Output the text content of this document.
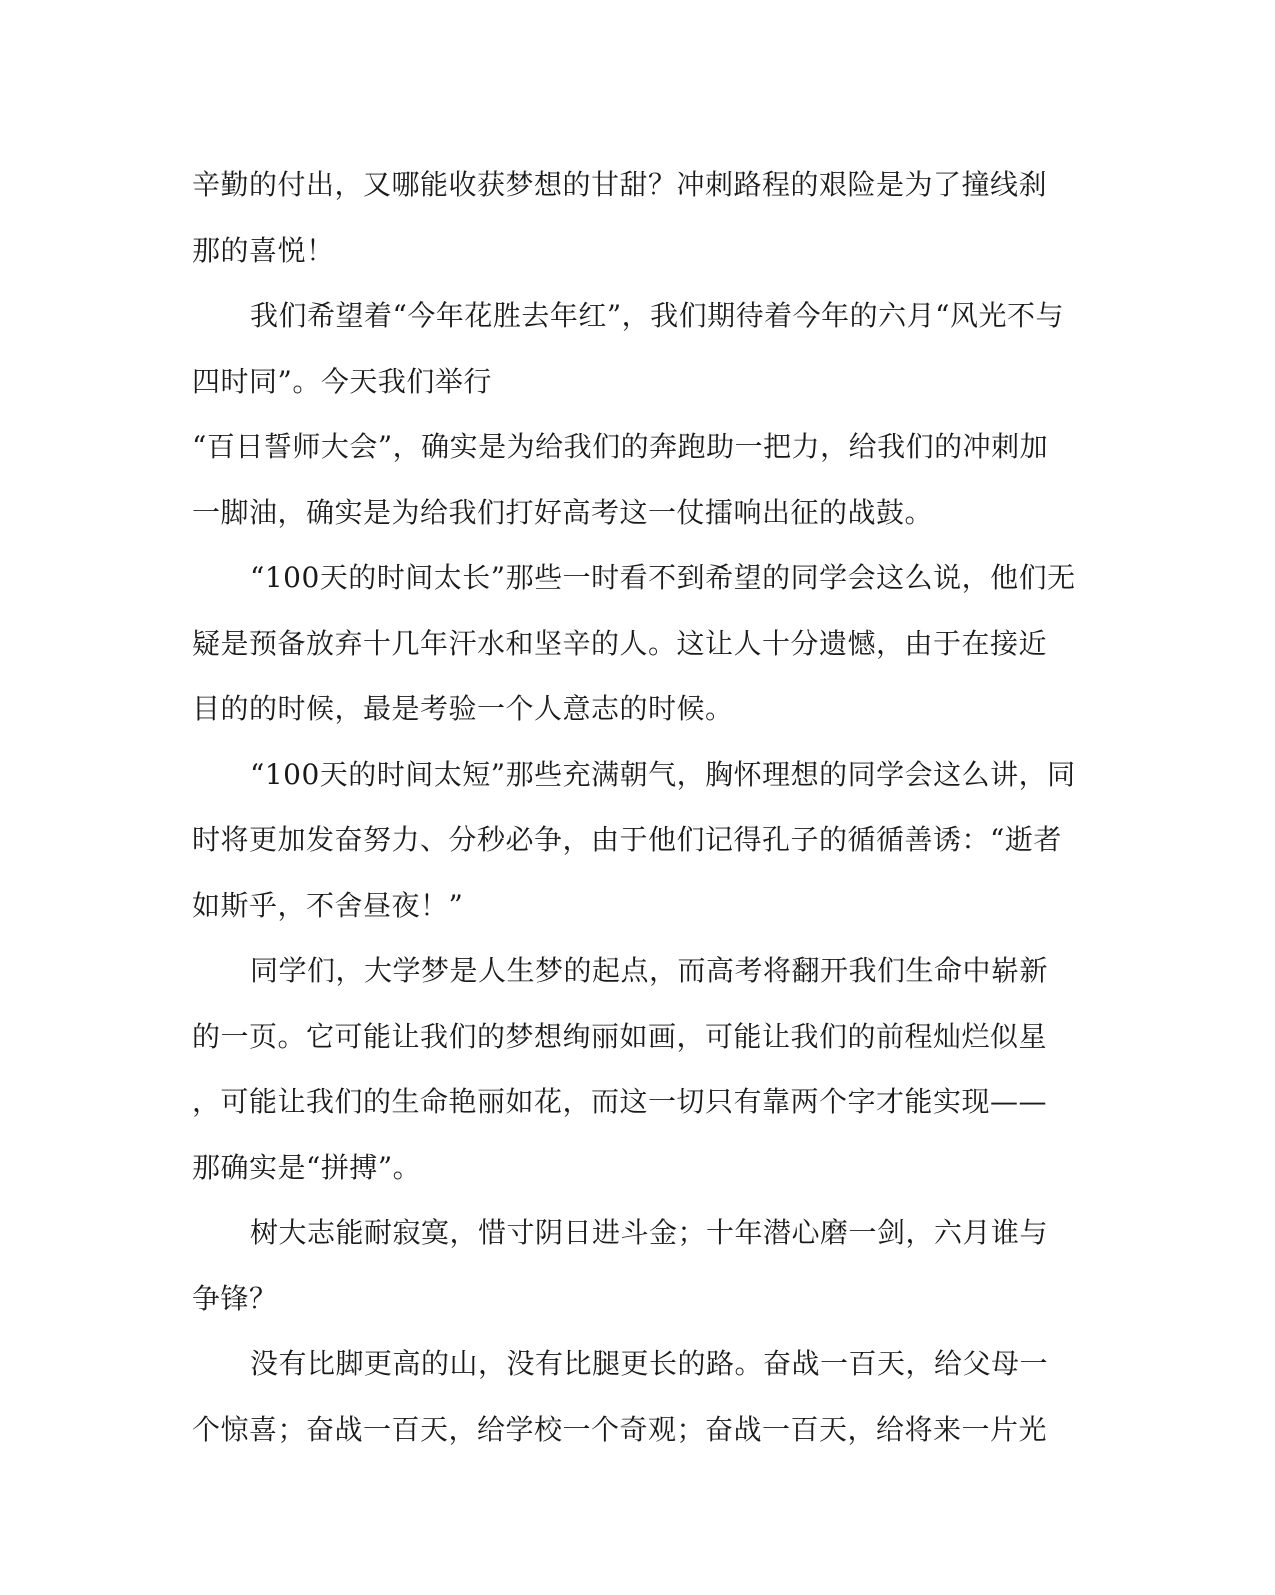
辛勤的付出，又哪能收获梦想的甘甜？冲刺路程的艰险是为了撞线刹
那的喜悦！
我们希望着“今年花胜去年红”，我们期待着今年的六月“风光不与
四时同”。今天我们举行
“百日誓师大会”，确实是为给我们的奔跑助一把力，给我们的冲刺加
一脚油，确实是为给我们打好高考这一仗擂响出征的战鼓。
“100天的时间太长”那些一时看不到希望的同学会这么说，他们无
疑是预备放弃十几年汗水和坚辛的人。这让人十分遗憾，由于在接近
目的的时候，最是考验一个人意志的时候。
“100天的时间太短”那些充满朝气，胸怀理想的同学会这么讲，同
时将更加发奋努力、分秒必争，由于他们记得孔子的循循善诱：“逝者
如斯乎，不舍昼夜！”
同学们，大学梦是人生梦的起点，而高考将翻开我们生命中崭新
的一页。它可能让我们的梦想绚丽如画，可能让我们的前程灿烂似星
，可能让我们的生命艳丽如花，而这一切只有靠两个字才能实现——
那确实是“拼搏”。
树大志能耐寂寞，惜寸阴日进斗金；十年潜心磨一剑，六月谁与
争锋？
没有比脚更高的山，没有比腿更长的路。奋战一百天，给父母一
个惊喜；奋战一百天，给学校一个奇观；奋战一百天，给将来一片光
